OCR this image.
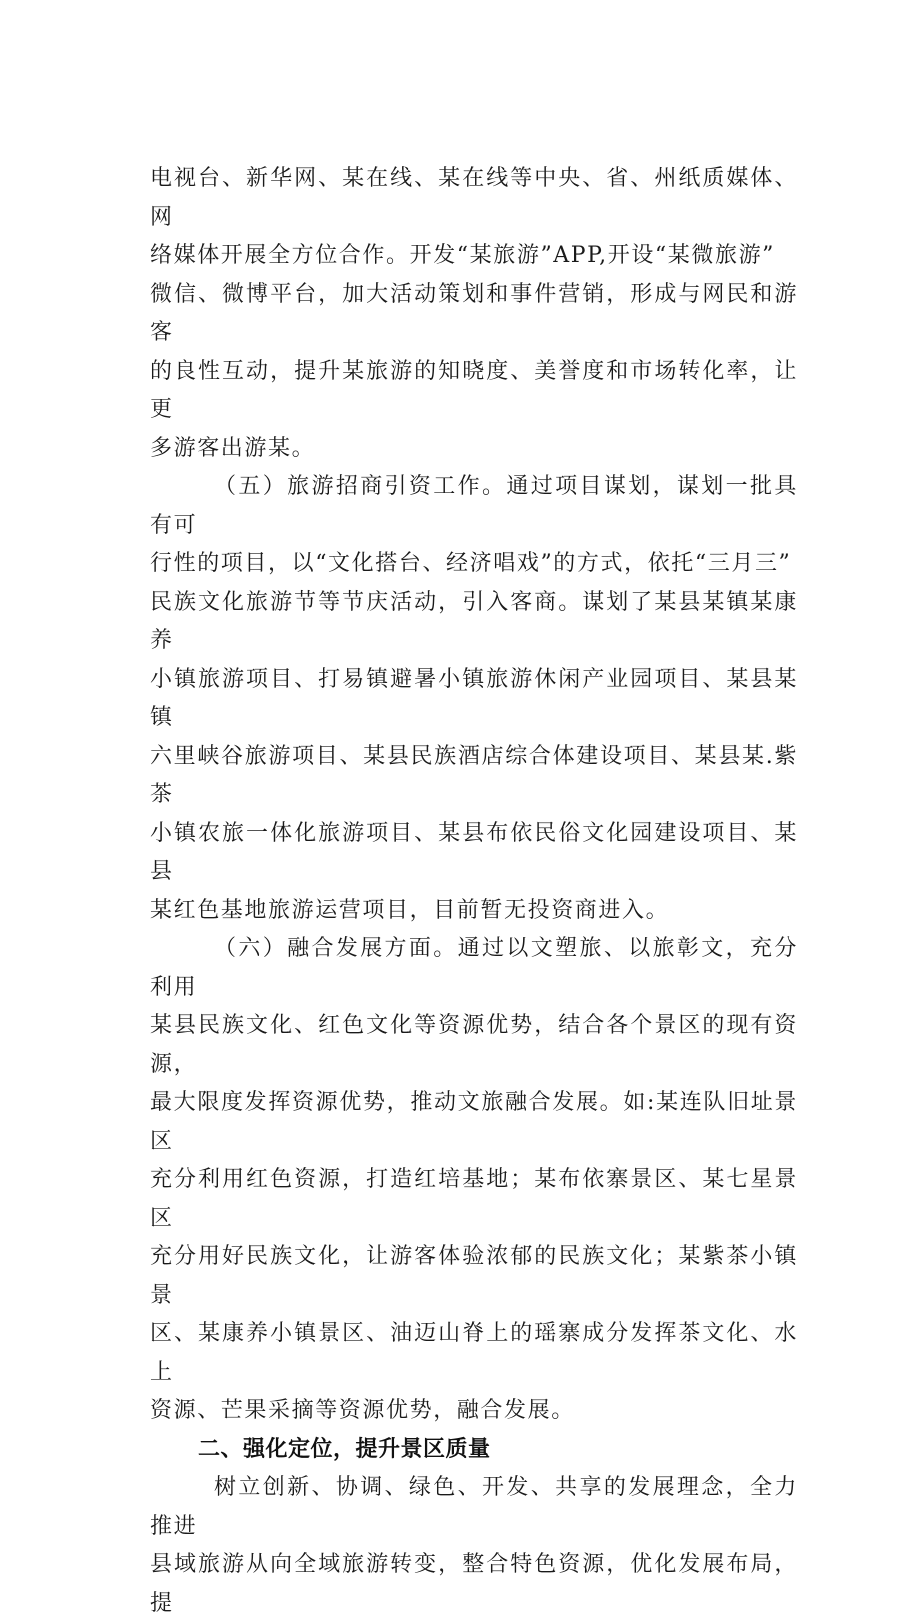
电视台、新华网、某在线、某在线等中央、省、州纸质媒体、网
络媒体开展全方位合作。开发“某旅游”APP,开设“某微旅游”
微信、微博平台，加大活动策划和事件营销，形成与网民和游客
的良性互动，提升某旅游的知晓度、美誉度和市场转化率，让更
多游客出游某。

（五）旅游招商引资工作。通过项目谋划，谋划一批具有可
行性的项目，以“文化搭台、经济唱戏”的方式，依托“三月三”
民族文化旅游节等节庆活动，引入客商。谋划了某县某镇某康养
小镇旅游项目、打易镇避暑小镇旅游休闲产业园项目、某县某镇
六里峡谷旅游项目、某县民族酒店综合体建设项目、某县某.紫茶
小镇农旅一体化旅游项目、某县布依民俗文化园建设项目、某县
某红色基地旅游运营项目，目前暂无投资商进入。

（六）融合发展方面。通过以文塑旅、以旅彰文，充分利用
某县民族文化、红色文化等资源优势，结合各个景区的现有资源，
最大限度发挥资源优势，推动文旅融合发展。如:某连队旧址景区
充分利用红色资源，打造红培基地；某布依寨景区、某七星景区
充分用好民族文化，让游客体验浓郁的民族文化；某紫茶小镇景
区、某康养小镇景区、油迈山脊上的瑶寨成分发挥茶文化、水上
资源、芒果采摘等资源优势，融合发展。

二、强化定位，提升景区质量

树立创新、协调、绿色、开发、共享的发展理念，全力推进
县域旅游从向全域旅游转变，整合特色资源，优化发展布局，提
